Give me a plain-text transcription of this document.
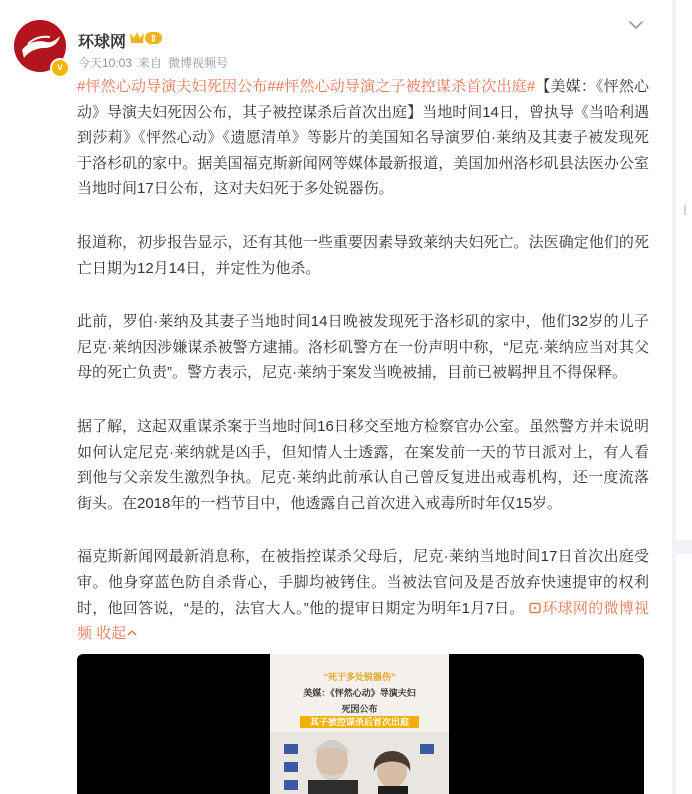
v
环球网	Ⅱ
今天10:03 来自 微博视频号

#怦然心动导演夫妇死因公布##怦然心动导演之子被控谋杀首次出庭#【美媒：《怦然心动》导演夫妇死因公布，其子被控谋杀后首次出庭】当地时间14日，曾执导《当哈利遇到莎莉》《怦然心动》《遗愿清单》等影片的美国知名导演罗伯·莱纳及其妻子被发现死于洛杉矶的家中。据美国福克斯新闻网等媒体最新报道，美国加州洛杉矶县法医办公室当地时间17日公布，这对夫妇死于多处锐器伤。

报道称，初步报告显示，还有其他一些重要因素导致莱纳夫妇死亡。法医确定他们的死亡日期为12月14日，并定性为他杀。

此前，罗伯·莱纳及其妻子当地时间14日晚被发现死于洛杉矶的家中，他们32岁的儿子尼克·莱纳因涉嫌谋杀被警方逮捕。洛杉矶警方在一份声明中称，“尼克·莱纳应当对其父母的死亡负责”。警方表示，尼克·莱纳于案发当晚被捕，目前已被羁押且不得保释。

据了解，这起双重谋杀案于当地时间16日移交至地方检察官办公室。虽然警方并未说明如何认定尼克·莱纳就是凶手，但知情人士透露，在案发前一天的节日派对上，有人看到他与父亲发生激烈争执。尼克·莱纳此前承认自己曾反复进出戒毒机构，还一度流落街头。在2018年的一档节目中，他透露自己首次进入戒毒所时年仅15岁。

福克斯新闻网最新消息称，在被指控谋杀父母后，尼克·莱纳当地时间17日首次出庭受审。他身穿蓝色防自杀背心，手脚均被铐住。当被法官问及是否放弃快速提审的权利时，他回答说，“是的，法官大人。”他的提审日期定为明年1月7日。 环球网的微博视频 收起

“死于多处锐器伤”
美媒：《怦然心动》导演夫妇
死因公布
其子被控谋杀后首次出庭
